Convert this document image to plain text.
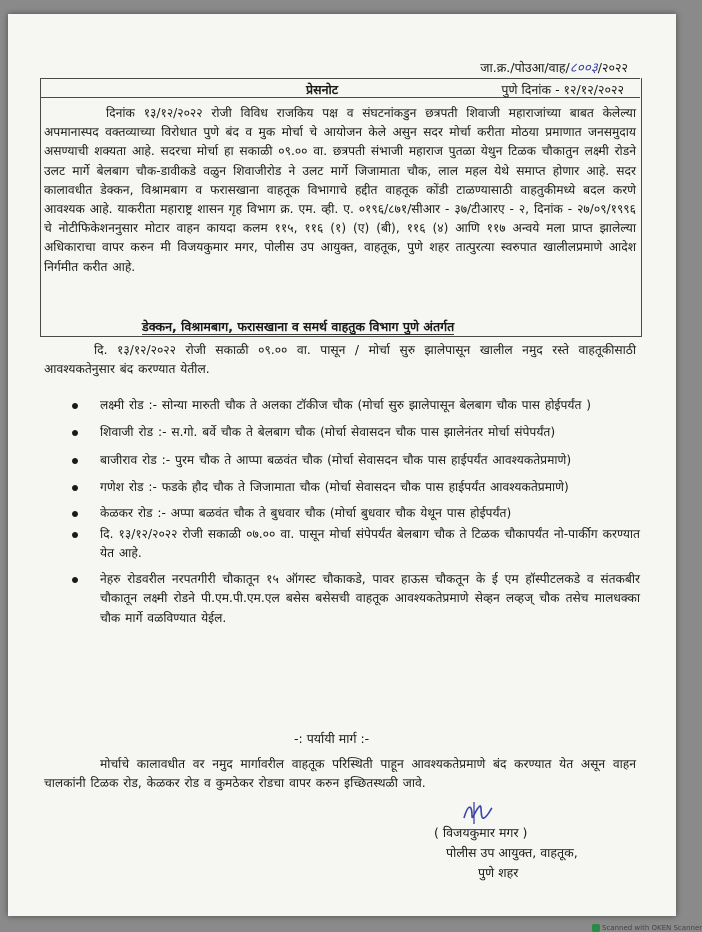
जा.क्र./पोउआ/वाह/८००३/२०२२
प्रेसनोट	पुणे दिनांक - १२/१२/२०२२
दिनांक १३/१२/२०२२ रोजी विविध राजकिय पक्ष व संघटनांकडुन छत्रपती शिवाजी महाराजांच्या बाबत केलेल्या अपमानास्पद वक्तव्याच्या विरोधात पुणे बंद व मुक मोर्चा चे आयोजन केले असुन सदर मोर्चा करीता मोठया प्रमाणात जनसमुदाय असण्याची शक्यता आहे. सदरचा मोर्चा हा सकाळी ०९.०० वा. छत्रपती संभाजी महाराज पुतळा येथुन टिळक चौकातुन लक्ष्मी रोडने उलट मार्गे बेलबाग चौक-डावीकडे वळुन शिवाजीरोड ने उलट मार्गे जिजामाता चौक, लाल महल येथे समाप्त होणार आहे. सदर कालावधीत डेक्कन, विश्रामबाग व फरासखाना वाहतूक विभागाचे हद्दीत वाहतूक कोंडी टाळण्यासाठी वाहतुकीमध्ये बदल करणे आवश्यक आहे. याकरीता महाराष्ट्र शासन गृह विभाग क्र. एम. व्ही. ए. ०१९६/८७१/सीआर - ३७/टीआरए - २, दिनांक - २७/०९/१९९६ चे नोटीफिकेशननुसार मोटार वाहन कायदा कलम ११५, ११६ (१) (ए) (बी), ११६ (४) आणि ११७ अन्वये मला प्राप्त झालेल्या अधिकाराचा वापर करुन मी विजयकुमार मगर, पोलीस उप आयुक्त, वाहतूक, पुणे शहर तात्पुरत्या स्वरुपात खालीलप्रमाणे आदेश निर्गमीत करीत आहे.
डेक्कन, विश्रामबाग, फरासखाना व समर्थ वाहतुक विभाग पुणे अंतर्गत
दि. १३/१२/२०२२ रोजी सकाळी ०९.०० वा. पासून / मोर्चा सुरु झालेपासून खालील नमुद रस्ते वाहतूकीसाठी आवश्यकतेनुसार बंद करण्यात येतील.
लक्ष्मी रोड :- सोन्या मारुती चौक ते अलका टॉकीज चौक (मोर्चा सुरु झालेपासून बेलबाग चौक पास होईपर्यंत )
शिवाजी रोड :- स.गो. बर्वे चौक ते बेलबाग चौक (मोर्चा सेवासदन चौक पास झालेनंतर मोर्चा संपेपर्यंत)
बाजीराव रोड :- पुरम चौक ते आप्पा बळवंत चौक (मोर्चा सेवासदन चौक पास हाईपर्यंत आवश्यकतेप्रमाणे)
गणेश रोड :- फडके हौद चौक ते जिजामाता चौक (मोर्चा सेवासदन चौक पास हाईपर्यंत आवश्यकतेप्रमाणे)
केळकर रोड :- अप्पा बळवंत चौक ते बुधवार चौक (मोर्चा बुधवार चौक येथून पास होईपर्यंत)
दि. १३/१२/२०२२ रोजी सकाळी ०७.०० वा. पासून मोर्चा संपेपर्यंत बेलबाग चौक ते टिळक चौकापर्यंत नो-पार्कीग करण्यात येत आहे.
नेहरु रोडवरील नरपतगीरी चौकातून १५ ऑगस्ट चौकाकडे, पावर हाऊस चौकतून के ई एम हॉस्पीटलकडे व संतकबीर चौकातून लक्ष्मी रोडने पी.एम.पी.एम.एल बसेस बसेसची वाहतूक आवश्यकतेप्रमाणे सेव्हन लव्हज् चौक तसेच मालधक्का चौक मार्गे वळविण्यात येईल.
-: पर्यायी मार्ग :-
मोर्चाचे कालावधीत वर नमुद मार्गावरील वाहतूक परिस्थिती पाहून आवश्यकतेप्रमाणे बंद करण्यात येत असून वाहन चालकांनी टिळक रोड, केळकर रोड व कुमठेकर रोडचा वापर करुन इच्छितस्थळी जावे.
( विजयकुमार मगर )
पोलीस उप आयुक्त, वाहतूक,
पुणे शहर
Scanned with OKEN Scanner
